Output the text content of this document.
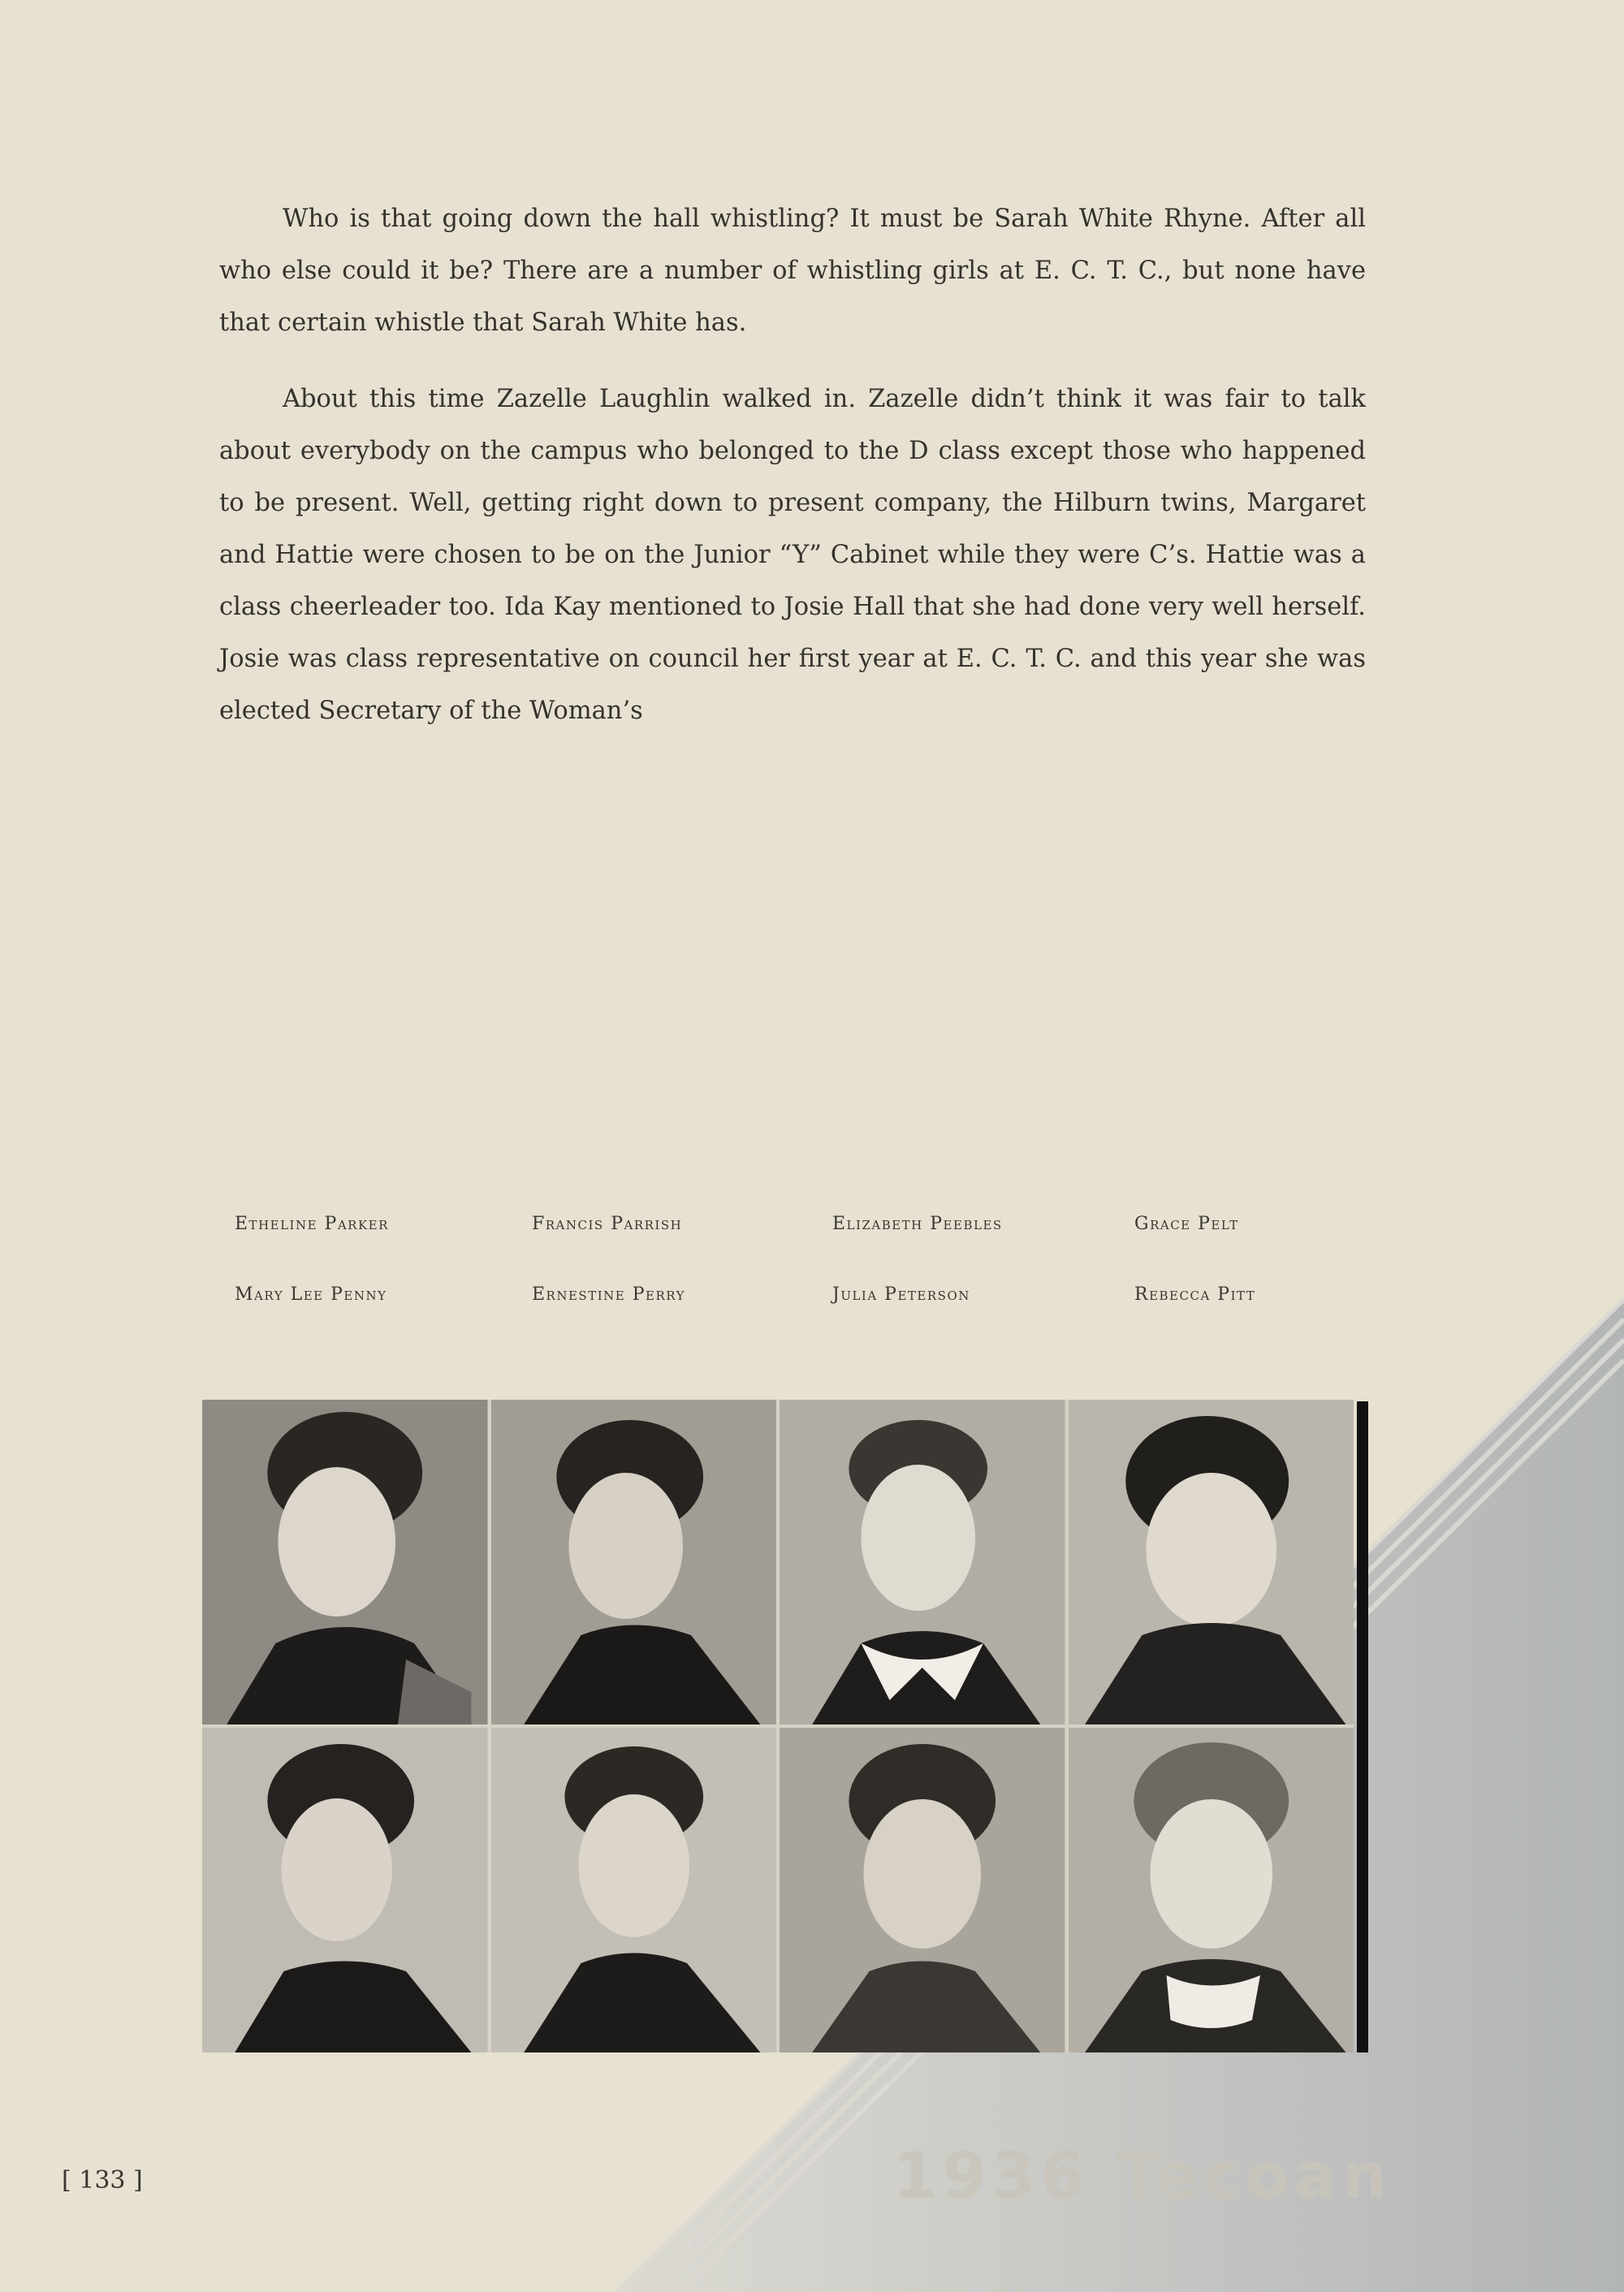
Who is that going down the hall whistling? It must be Sarah White Rhyne. After all who else could it be? There are a number of whistling girls at E. C. T. C., but none have that certain whistle that Sarah White has.

About this time Zazelle Laughlin walked in. Zazelle didn’t think it was fair to talk about everybody on the campus who belonged to the D class except those who happened to be present. Well, getting right down to present company, the Hilburn twins, Margaret and Hattie were chosen to be on the Junior “Y” Cabinet while they were C’s. Hattie was a class cheerleader too. Ida Kay mentioned to Josie Hall that she had done very well herself. Josie was class representative on council her first year at E. C. T. C. and this year she was elected Secretary of the Woman’s

Etheline Parker	Francis Parrish	Elizabeth Peebles	Grace Pelt
Mary Lee Penny	Ernestine Perry	Julia Peterson	Rebecca Pitt
[ 133 ]	1936 Tecoan
